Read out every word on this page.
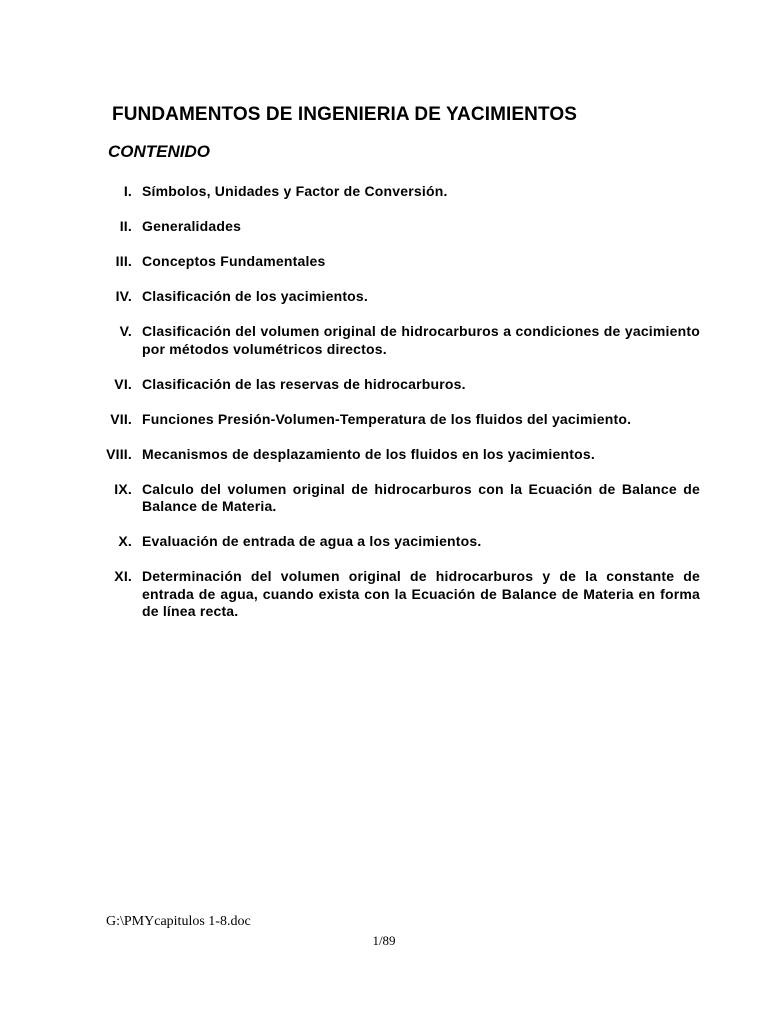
FUNDAMENTOS DE INGENIERIA DE YACIMIENTOS
CONTENIDO
I. Símbolos, Unidades y Factor de Conversión.
II. Generalidades
III. Conceptos Fundamentales
IV. Clasificación de los yacimientos.
V. Clasificación del volumen original de hidrocarburos a condiciones de yacimiento por métodos volumétricos directos.
VI. Clasificación de las reservas de hidrocarburos.
VII. Funciones Presión-Volumen-Temperatura de los fluidos del yacimiento.
VIII. Mecanismos de desplazamiento de los fluidos en los yacimientos.
IX. Calculo del volumen original de hidrocarburos con la Ecuación de Balance de Balance de Materia.
X. Evaluación de entrada de agua a los yacimientos.
XI. Determinación del volumen original de hidrocarburos y de la constante de entrada de agua, cuando exista con la Ecuación de Balance de Materia en forma de línea recta.
G:\PMYcapitulos 1-8.doc
1/89
